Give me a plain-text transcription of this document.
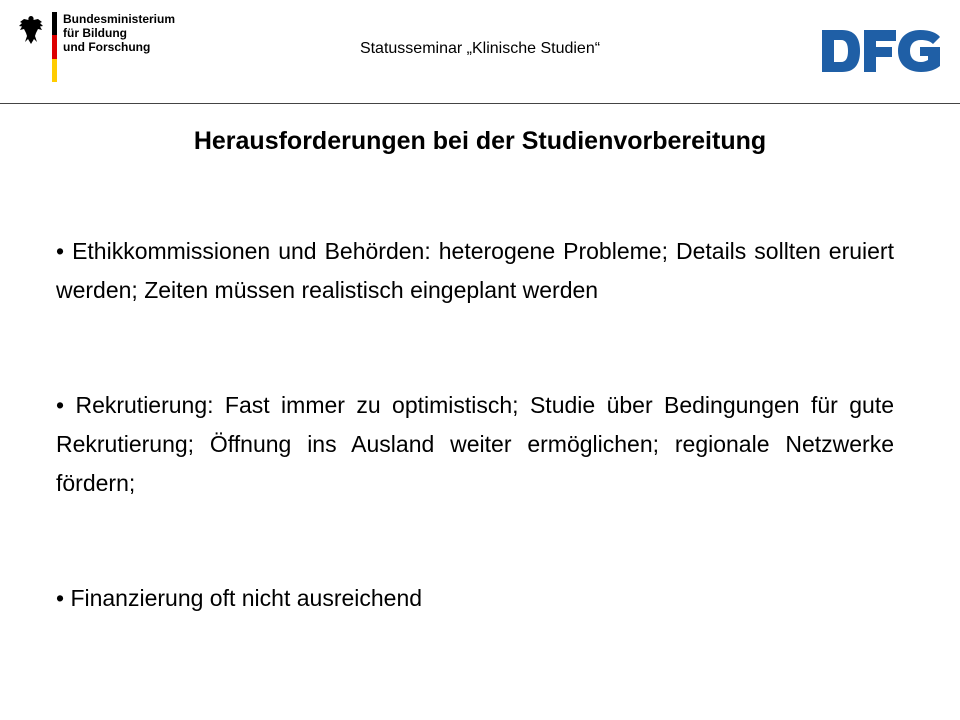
Bundesministerium
für Bildung
und Forschung	Statusseminar „Klinische Studien“
Herausforderungen bei der Studienvorbereitung

• Ethikkommissionen und Behörden: heterogene Probleme; Details sollten eruiert werden; Zeiten müssen realistisch eingeplant werden

• Rekrutierung: Fast immer zu optimistisch; Studie über Bedingungen für gute Rekrutierung; Öffnung ins Ausland weiter ermöglichen; regionale Netzwerke fördern;

• Finanzierung oft nicht ausreichend
